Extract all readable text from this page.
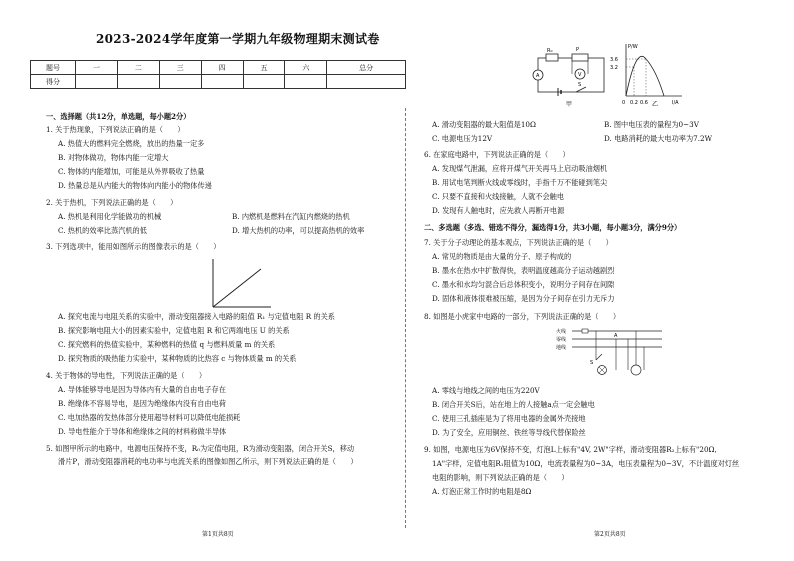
2023-2024学年度第一学期九年级物理期末测试卷
题号	一	二	三	四	五	六	总分
得分							
一、选择题（共12分，单选题，每小题2分）
1. 关于热现象，下列说法正确的是（　　）
A. 热值大的燃料完全燃烧，放出的热量一定多
B. 对物体做功，物体内能一定增大
C. 物体的内能增加，可能是从外界吸收了热量
D. 热量总是从内能大的物体向内能小的物体传递
2. 关于热机，下列说法正确的是（　　）
A. 热机是利用化学能做功的机械	B. 内燃机是燃料在汽缸内燃烧的热机
C. 热机的效率比蒸汽机的低	D. 增大热机的功率，可以提高热机的效率
3. 下列选项中，能用如图所示的图像表示的是（　　）
A. 探究电流与电阻关系的实验中，滑动变阻器接入电路的阻值 R₁ 与定值电阻 R 的关系
B. 探究影响电阻大小的因素实验中，定值电阻 R 和它两端电压 U 的关系
C. 探究燃料的热值实验中，某种燃料的热值 q 与燃料质量 m 的关系
D. 探究物质的吸热能力实验中，某种物质的比热容 c 与物体质量 m 的关系
4. 关于物体的导电性，下列说法正确的是（　　）
A. 导体能够导电是因为导体内有大量的自由电子存在
B. 绝缘体不容易导电，是因为绝缘体内没有自由电荷
C. 电加热器的发热体部分使用超导材料可以降低电能损耗
D. 导电性能介于导体和绝缘体之间的材料称做半导体
5. 如图甲所示的电路中，电源电压保持不变，R₀为定值电阻，R为滑动变阻器，闭合开关S，移动
滑片P，滑动变阻器消耗的电功率与电流关系的图像如图乙所示，则下列说法正确的是（　　）
第1页共8页
R₀	P
A	V
S
甲
P/W
I/A
3.6
3.2
0 0.2 0.6 乙
A. 滑动变阻器的最大阻值是10Ω	B. 图中电压表的量程为0~3V
C. 电源电压为12V	D. 电路消耗的最大电功率为7.2W
6. 在家庭电路中，下列说法正确的是（　　）
A. 发现煤气泄漏，应将开煤气开关再马上启动吸油烟机
B. 用试电笔判断火线或零线时，手指千万不能碰到笔尖
C. 只要不直接和火线接触，人就不会触电
D. 发现有人触电时，应先救人再断开电源
二、多选题（多选、错选不得分，漏选得1分，共3小题，每小题3分，满分9分）
7. 关于分子动理论的基本观点，下列说法正确的是（　　）
A. 常见的物质是由大量的分子、原子构成的
B. 墨水在热水中扩散得快，表明温度越高分子运动越剧烈
C. 墨水和水均匀混合后总体积变小，说明分子间存在间隙
D. 固体和液体很难被压缩，是因为分子间存在引力无斥力
8. 如图是小虎家中电路的一部分，下列说法正确的是（　　）
火线
零线
地线
S
A
A. 零线与地线之间的电压为220V
B. 闭合开关S后，站在地上的人接触a点一定会触电
C. 使用三孔插座是为了将用电器的金属外壳接地
D. 为了安全，应用铜丝、铁丝等导线代替保险丝
9. 如图，电源电压为6V保持不变，灯泡L上标有"4V, 2W"字样，滑动变阻器R₂上标有"20Ω,
1A"字样，定值电阻R₁阻值为10Ω，电流表量程为0~3A，电压表量程为0~3V，不计温度对灯丝
电阻的影响，则下列说法正确的是（　　）
A. 灯泡正常工作时的电阻是8Ω
第2页共8页
